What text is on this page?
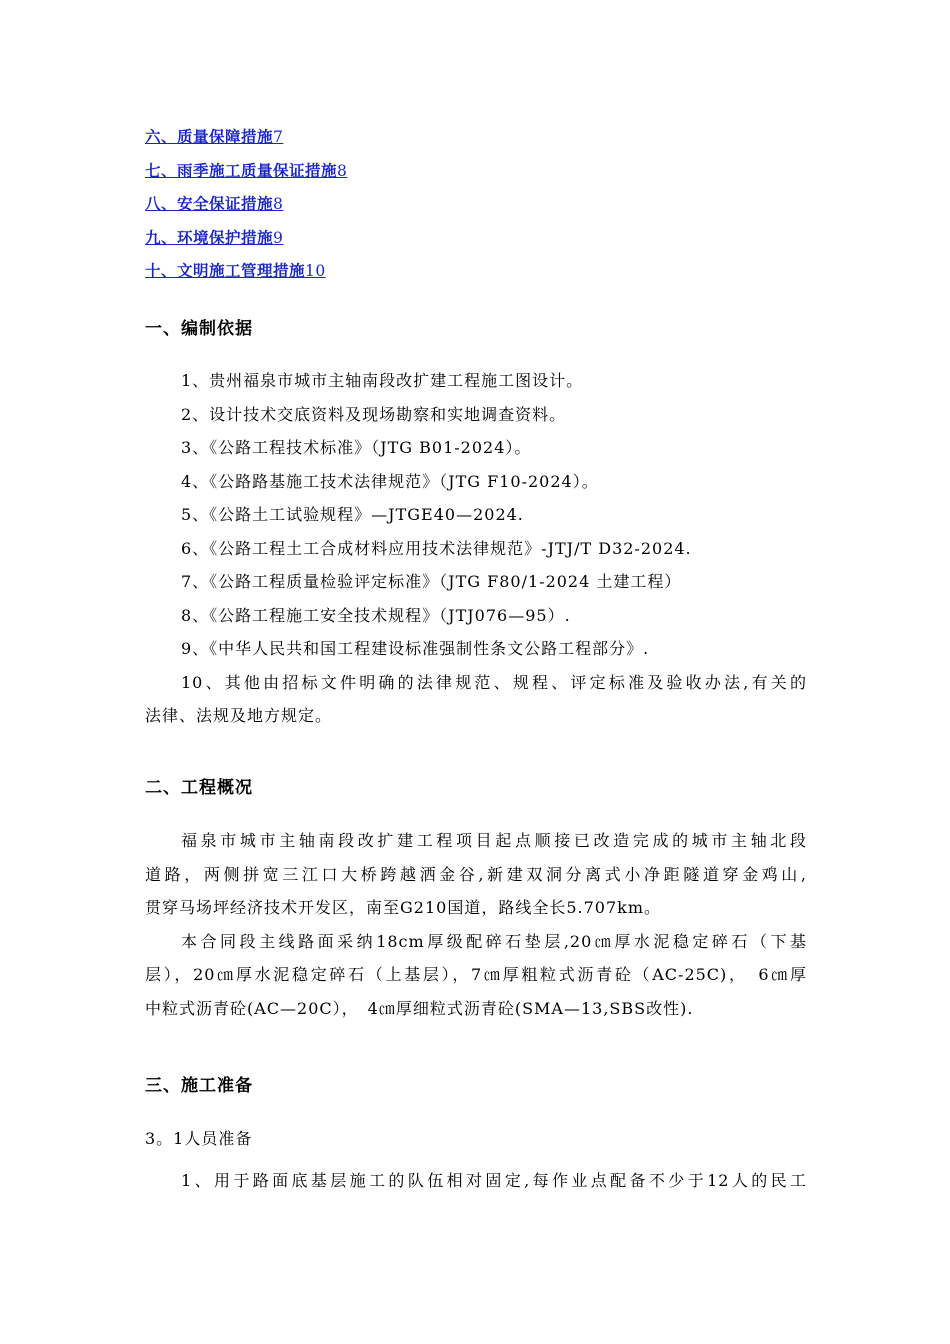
六、质量保障措施7
七、雨季施工质量保证措施8
八、安全保证措施8
九、环境保护措施9
十、文明施工管理措施10
一、编制依据
1、贵州福泉市城市主轴南段改扩建工程施工图设计。
2、设计技术交底资料及现场勘察和实地调查资料。
3、《公路工程技术标准》（JTG B01-2024）。
4、《公路路基施工技术法律规范》（JTG F10-2024）。
5、《公路土工试验规程》—JTGE40—2024.
6、《公路工程土工合成材料应用技术法律规范》-JTJ/T D32-2024.
7、《公路工程质量检验评定标准》（JTG F80/1-2024 土建工程）
8、《公路工程施工安全技术规程》（JTJ076—95）.
9、《中华人民共和国工程建设标准强制性条文公路工程部分》.
10、其他由招标文件明确的法律规范、规程、评定标准及验收办法,有关的
法律、法规及地方规定。
二、工程概况
福泉市城市主轴南段改扩建工程项目起点顺接已改造完成的城市主轴北段
道路，两侧拼宽三江口大桥跨越洒金谷,新建双洞分离式小净距隧道穿金鸡山,
贯穿马场坪经济技术开发区，南至G210国道，路线全长5.707km。
本合同段主线路面采纳18cm厚级配碎石垫层,20㎝厚水泥稳定碎石（下基
层），20㎝厚水泥稳定碎石（上基层），7㎝厚粗粒式沥青砼（AC-25C)，　6㎝厚
中粒式沥青砼(AC—20C），　4㎝厚细粒式沥青砼(SMA—13,SBS改性).
三、施工准备
3。1人员准备
1、用于路面底基层施工的队伍相对固定,每作业点配备不少于12人的民工
